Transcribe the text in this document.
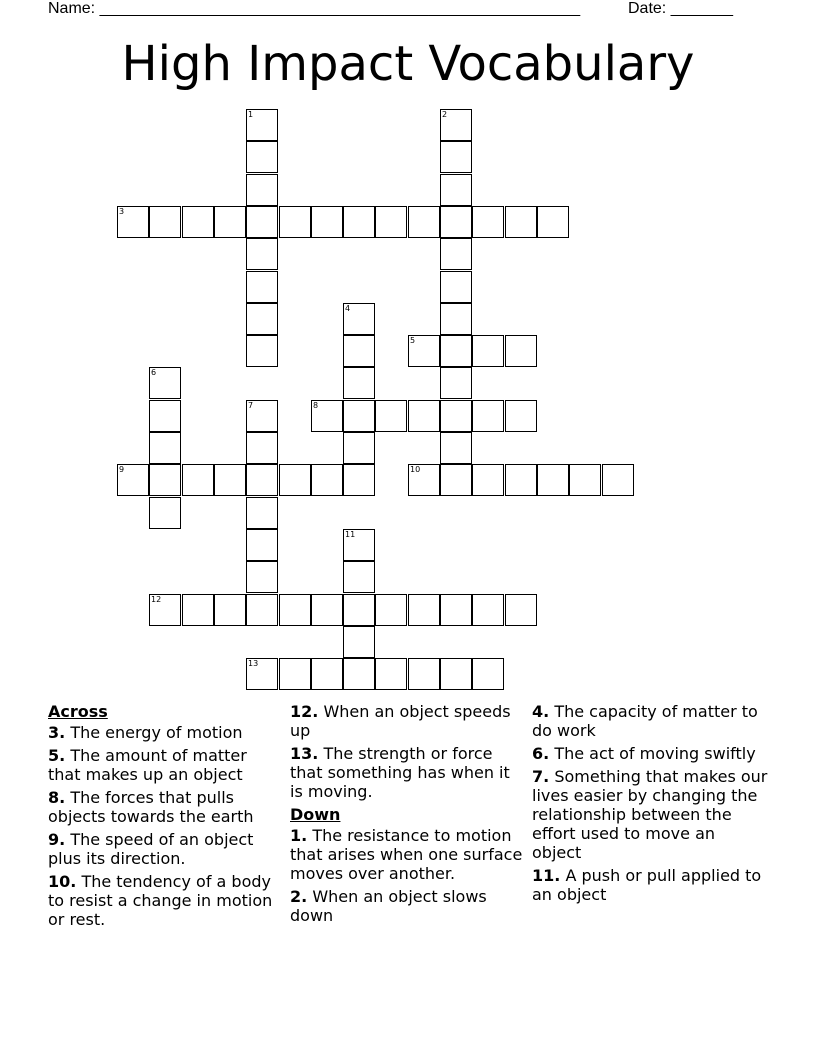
Name: ______________________________________________________	Date: _______
High Impact Vocabulary
1	2
3
4
5
6
7	8
9	10
11
12
13
Across
3. The energy of motion
5. The amount of matter that makes up an object
8. The forces that pulls objects towards the earth
9. The speed of an object plus its direction.
10. The tendency of a body to resist a change in motion or rest.
12. When an object speeds up
13. The strength or force that something has when it is moving.
Down
1. The resistance to motion that arises when one surface moves over another.
2. When an object slows down
4. The capacity of matter to do work
6. The act of moving swiftly
7. Something that makes our lives easier by changing the relationship between the effort used to move an object
11. A push or pull applied to an object
